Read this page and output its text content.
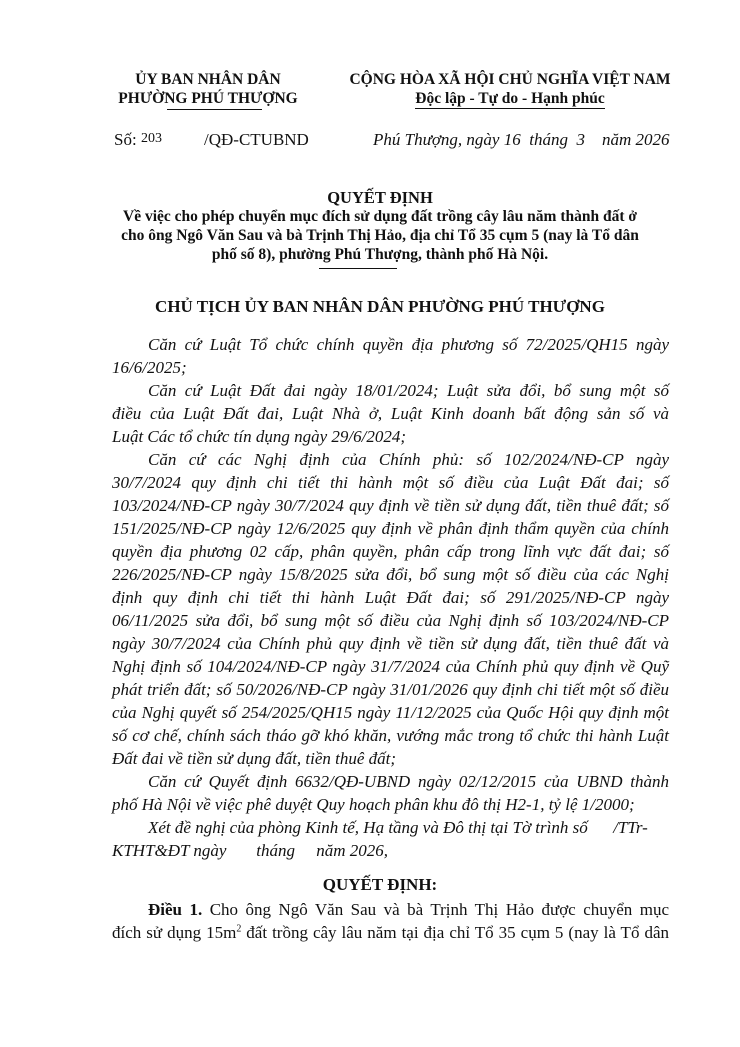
ỦY BAN NHÂN DÂN
PHƯỜNG PHÚ THƯỢNG
Số: 203 /QĐ-CTUBND
CỘNG HÒA XÃ HỘI CHỦ NGHĨA VIỆT NAM
Độc lập - Tự do - Hạnh phúc
Phú Thượng, ngày 16 tháng 3 năm 2026
QUYẾT ĐỊNH
Về việc cho phép chuyển mục đích sử dụng đất trồng cây lâu năm thành đất ở
cho ông Ngô Văn Sau và bà Trịnh Thị Hảo, địa chỉ Tổ 35 cụm 5 (nay là Tổ dân
phố số 8), phường Phú Thượng, thành phố Hà Nội.
CHỦ TỊCH ỦY BAN NHÂN DÂN PHƯỜNG PHÚ THƯỢNG
Căn cứ Luật Tổ chức chính quyền địa phương số 72/2025/QH15 ngày
16/6/2025;
Căn cứ Luật Đất đai ngày 18/01/2024; Luật sửa đổi, bổ sung một số
điều của Luật Đất đai, Luật Nhà ở, Luật Kinh doanh bất động sản số và
Luật Các tổ chức tín dụng ngày 29/6/2024;
Căn cứ các Nghị định của Chính phủ: số 102/2024/NĐ-CP ngày
30/7/2024 quy định chi tiết thi hành một số điều của Luật Đất đai; số
103/2024/NĐ-CP ngày 30/7/2024 quy định về tiền sử dụng đất, tiền thuê đất; số
151/2025/NĐ-CP ngày 12/6/2025 quy định về phân định thẩm quyền của chính
quyền địa phương 02 cấp, phân quyền, phân cấp trong lĩnh vực đất đai; số
226/2025/NĐ-CP ngày 15/8/2025 sửa đổi, bổ sung một số điều của các Nghị
định quy định chi tiết thi hành Luật Đất đai; số 291/2025/NĐ-CP ngày
06/11/2025 sửa đổi, bổ sung một số điều của Nghị định số 103/2024/NĐ-CP
ngày 30/7/2024 của Chính phủ quy định về tiền sử dụng đất, tiền thuê đất và
Nghị định số 104/2024/NĐ-CP ngày 31/7/2024 của Chính phủ quy định về Quỹ
phát triển đất; số 50/2026/NĐ-CP ngày 31/01/2026 quy định chi tiết một số điều
của Nghị quyết số 254/2025/QH15 ngày 11/12/2025 của Quốc Hội quy định một
số cơ chế, chính sách tháo gỡ khó khăn, vướng mắc trong tổ chức thi hành Luật
Đất đai về tiền sử dụng đất, tiền thuê đất;
Căn cứ Quyết định 6632/QĐ-UBND ngày 02/12/2015 của UBND thành
phố Hà Nội về việc phê duyệt Quy hoạch phân khu đô thị H2-1, tỷ lệ 1/2000;
Xét đề nghị của phòng Kinh tế, Hạ tầng và Đô thị tại Tờ trình số      /TTr-
KTHT&ĐT ngày       tháng     năm 2026,
QUYẾT ĐỊNH:
Điều 1. Cho ông Ngô Văn Sau và bà Trịnh Thị Hảo được chuyển mục
đích sử dụng $15m^2$ đất trồng cây lâu năm tại địa chỉ Tổ 35 cụm 5 (nay là Tổ dân
